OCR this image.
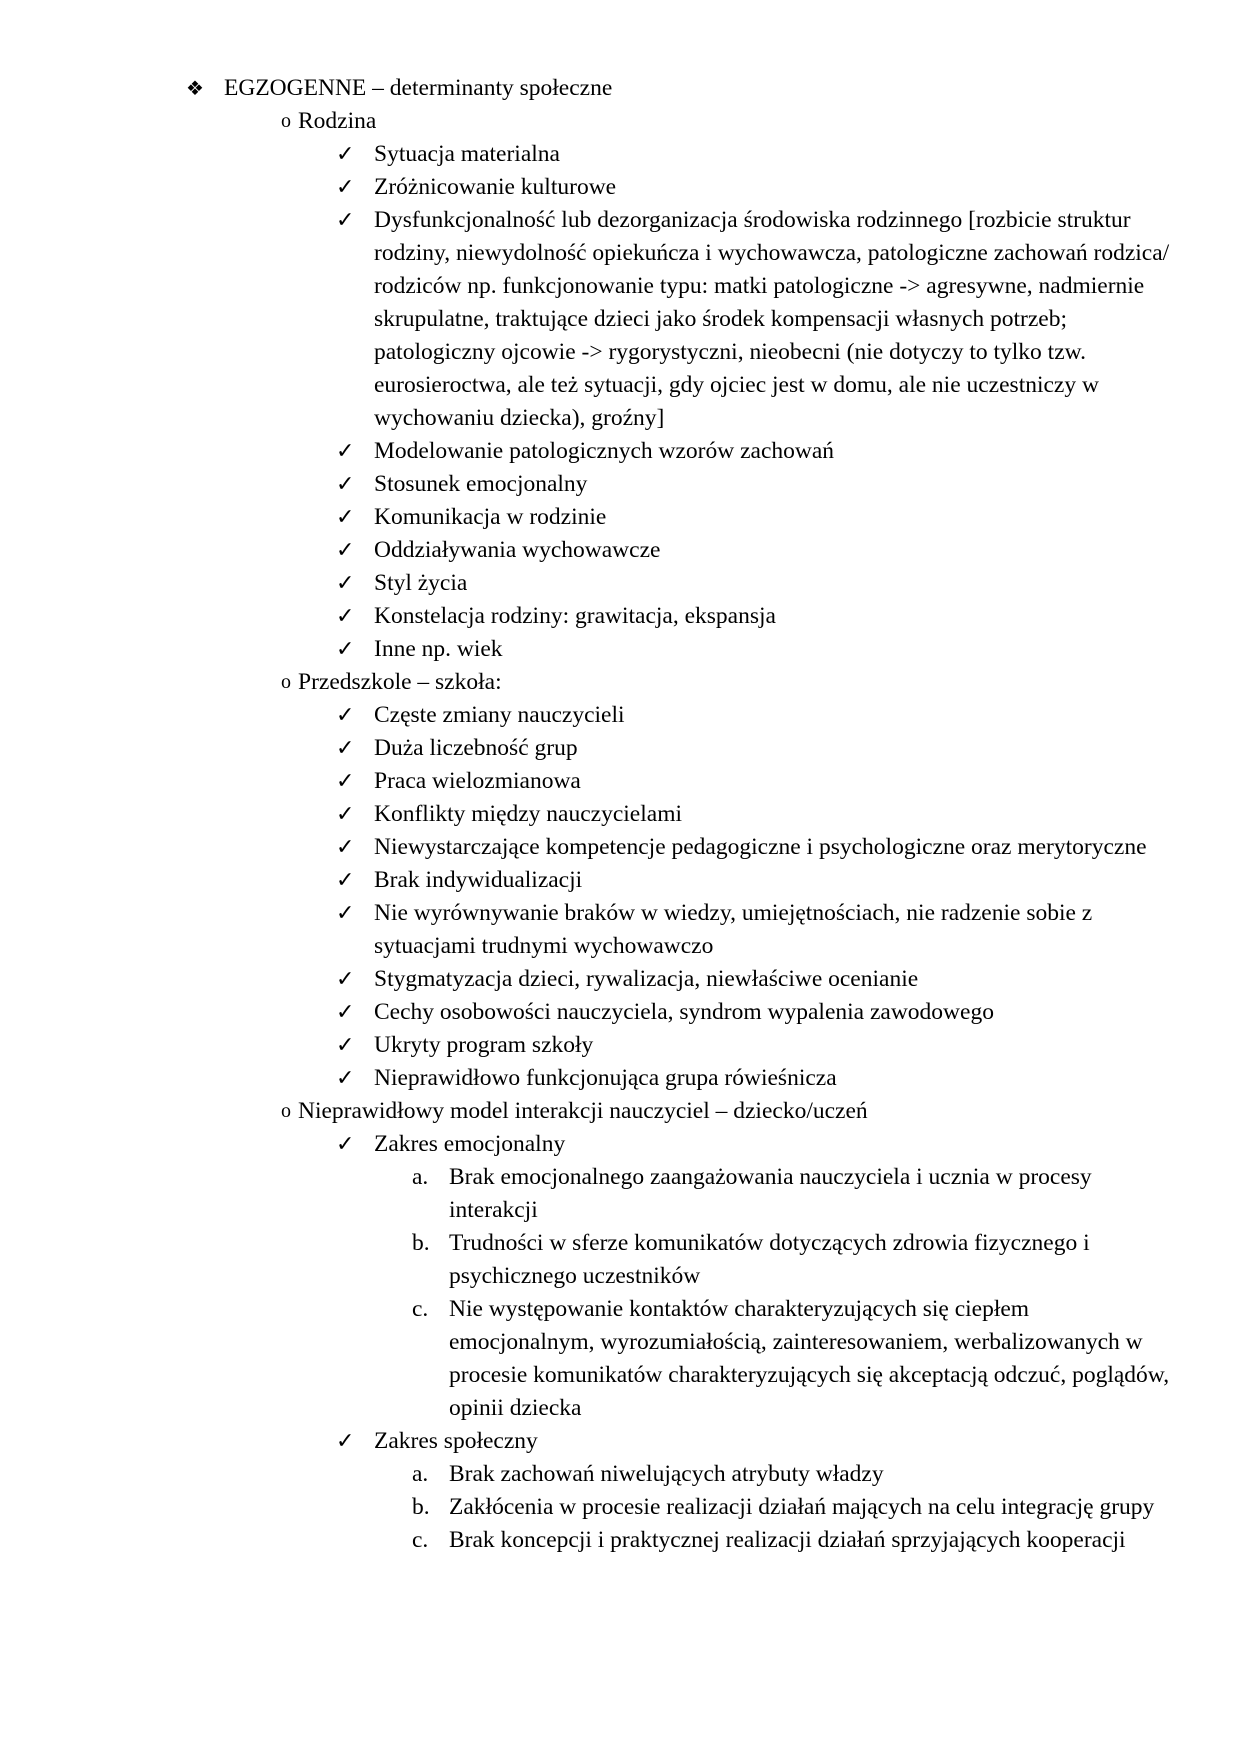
❖ EGZOGENNE – determinanty społeczne
o Rodzina
✓ Sytuacja materialna
✓ Zróżnicowanie kulturowe
✓ Dysfunkcjonalność lub dezorganizacja środowiska rodzinnego [rozbicie struktur rodziny, niewydolność opiekuńcza i wychowawcza, patologiczne zachowań rodzica/ rodziców np. funkcjonowanie typu: matki patologiczne -> agresywne, nadmiernie skrupulatne, traktujące dzieci jako środek kompensacji własnych potrzeb; patologiczny ojcowie -> rygorystyczni, nieobecni (nie dotyczy to tylko tzw. eurosieroctwa, ale też sytuacji, gdy ojciec jest w domu, ale nie uczestniczy w wychowaniu dziecka), groźny]
✓ Modelowanie patologicznych wzorów zachowań
✓ Stosunek emocjonalny
✓ Komunikacja w rodzinie
✓ Oddziaływania wychowawcze
✓ Styl życia
✓ Konstelacja rodziny: grawitacja, ekspansja
✓ Inne np. wiek
o Przedszkole – szkoła:
✓ Częste zmiany nauczycieli
✓ Duża liczebność grup
✓ Praca wielozmianowa
✓ Konflikty między nauczycielami
✓ Niewystarczające kompetencje pedagogiczne i psychologiczne oraz merytoryczne
✓ Brak indywidualizacji
✓ Nie wyrównywanie braków w wiedzy, umiejętnościach, nie radzenie sobie z sytuacjami trudnymi wychowawczo
✓ Stygmatyzacja dzieci, rywalizacja, niewłaściwe ocenianie
✓ Cechy osobowości nauczyciela, syndrom wypalenia zawodowego
✓ Ukryty program szkoły
✓ Nieprawidłowo funkcjonująca grupa rówieśnicza
o Nieprawidłowy model interakcji nauczyciel – dziecko/uczeń
✓ Zakres emocjonalny
a. Brak emocjonalnego zaangażowania nauczyciela i ucznia w procesy interakcji
b. Trudności w sferze komunikatów dotyczących zdrowia fizycznego i psychicznego uczestników
c. Nie występowanie kontaktów charakteryzujących się ciepłem emocjonalnym, wyrozumiałością, zainteresowaniem, werbalizowanych w procesie komunikatów charakteryzujących się akceptacją odczuć, poglądów, opinii dziecka
✓ Zakres społeczny
a. Brak zachowań niwelujących atrybuty władzy
b. Zakłócenia w procesie realizacji działań mających na celu integrację grupy
c. Brak koncepcji i praktycznej realizacji działań sprzyjających kooperacji
